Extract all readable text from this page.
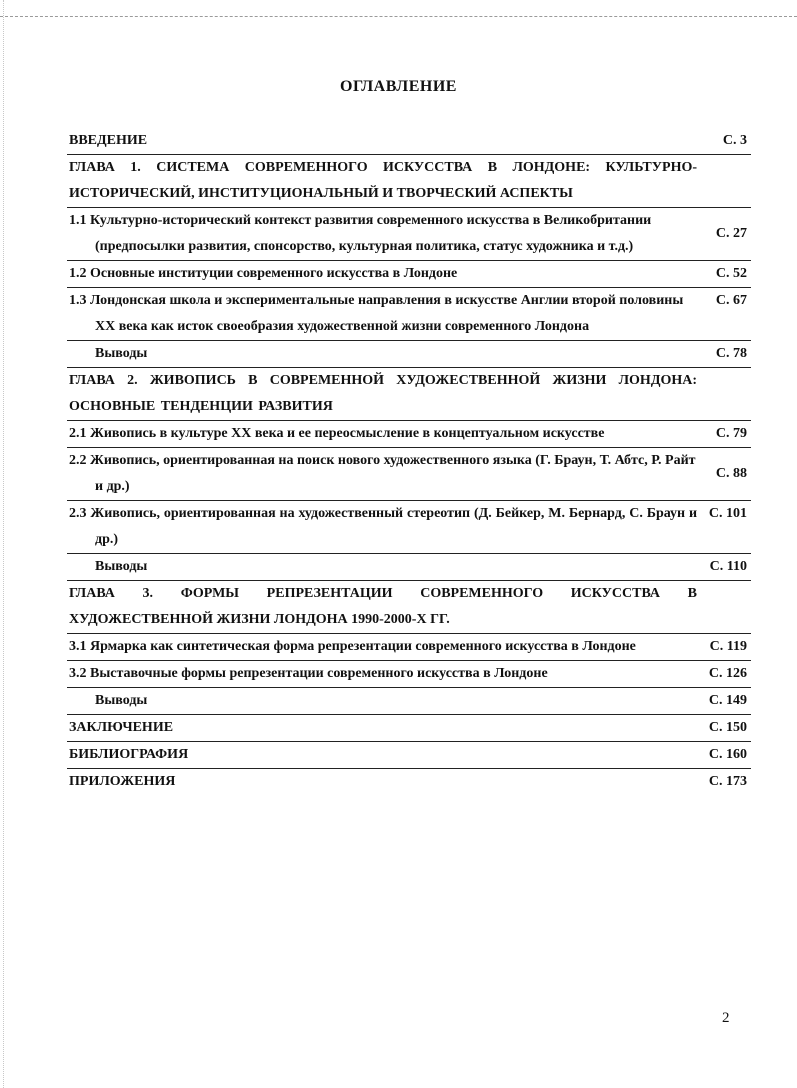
ОГЛАВЛЕНИЕ
ВВЕДЕНИЕ	С. 3
ГЛАВА 1. СИСТЕМА СОВРЕМЕННОГО ИСКУССТВА В ЛОНДОНЕ: КУЛЬТУРНО-ИСТОРИЧЕСКИЙ, ИНСТИТУЦИОНАЛЬНЫЙ И ТВОРЧЕСКИЙ АСПЕКТЫ	

1.1 Культурно-исторический контекст развития современного искусства в Великобритании (предпосылки развития, спонсорство, культурная политика, статус художника и т.д.)	С. 27

1.2 Основные институции современного искусства в Лондоне	С. 52

1.3 Лондонская школа и экспериментальные направления в искусстве Англии второй половины XX века как исток своеобразия художественной жизни современного Лондона	С. 67
Выводы	С. 78
ГЛАВА 2. ЖИВОПИСЬ В СОВРЕМЕННОЙ ХУДОЖЕСТВЕННОЙ ЖИЗНИ ЛОНДОНА: ОСНОВНЫЕ ТЕНДЕНЦИИ РАЗВИТИЯ	

2.1 Живопись в культуре XX века и ее переосмысление в концептуальном искусстве	С. 79

2.2 Живопись, ориентированная на поиск нового художественного языка (Г. Браун, Т. Абтс, Р. Райт и др.)	С. 88

2.3 Живопись, ориентированная на художественный стереотип (Д. Бейкер, М. Бернард, С. Браун и др.)	С. 101
Выводы	С. 110
ГЛАВА 3. ФОРМЫ РЕПРЕЗЕНТАЦИИ СОВРЕМЕННОГО ИСКУССТВА В ХУДОЖЕСТВЕННОЙ ЖИЗНИ ЛОНДОНА 1990-2000-Х ГГ.	

3.1 Ярмарка как синтетическая форма репрезентации современного искусства в Лондоне	С. 119

3.2 Выставочные формы репрезентации современного искусства в Лондоне	С. 126
Выводы	С. 149
ЗАКЛЮЧЕНИЕ	С. 150
БИБЛИОГРАФИЯ	С. 160
ПРИЛОЖЕНИЯ	С. 173
2
